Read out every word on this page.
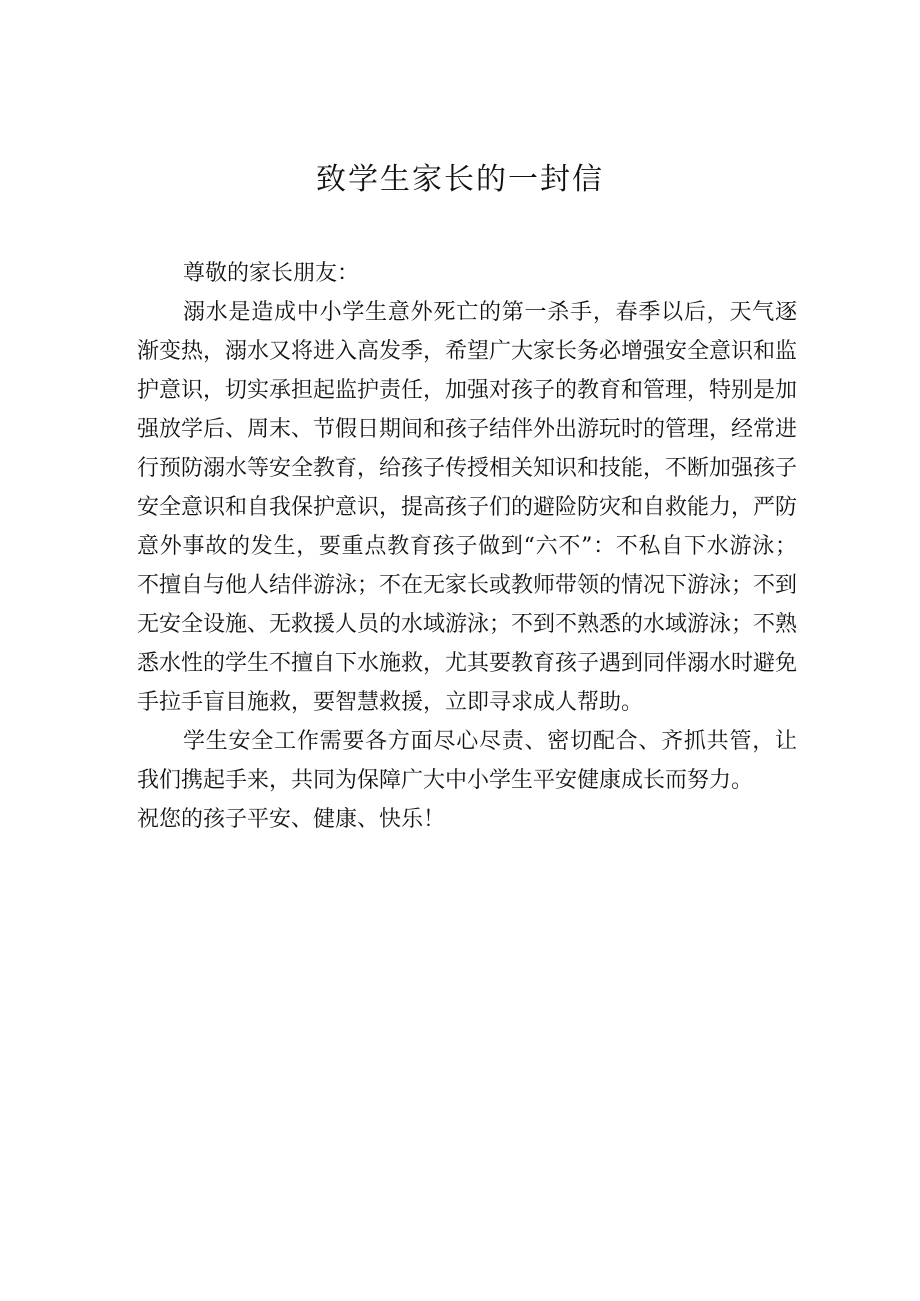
致学生家长的一封信

尊敬的家长朋友：

溺水是造成中小学生意外死亡的第一杀手，春季以后，天气逐渐变热，溺水又将进入高发季，希望广大家长务必增强安全意识和监护意识，切实承担起监护责任，加强对孩子的教育和管理，特别是加强放学后、周末、节假日期间和孩子结伴外出游玩时的管理，经常进行预防溺水等安全教育，给孩子传授相关知识和技能，不断加强孩子安全意识和自我保护意识，提高孩子们的避险防灾和自救能力，严防意外事故的发生，要重点教育孩子做到“六不”：不私自下水游泳；不擅自与他人结伴游泳；不在无家长或教师带领的情况下游泳；不到无安全设施、无救援人员的水域游泳；不到不熟悉的水域游泳；不熟悉水性的学生不擅自下水施救，尤其要教育孩子遇到同伴溺水时避免手拉手盲目施救，要智慧救援，立即寻求成人帮助。

学生安全工作需要各方面尽心尽责、密切配合、齐抓共管，让我们携起手来，共同为保障广大中小学生平安健康成长而努力。

祝您的孩子平安、健康、快乐！
